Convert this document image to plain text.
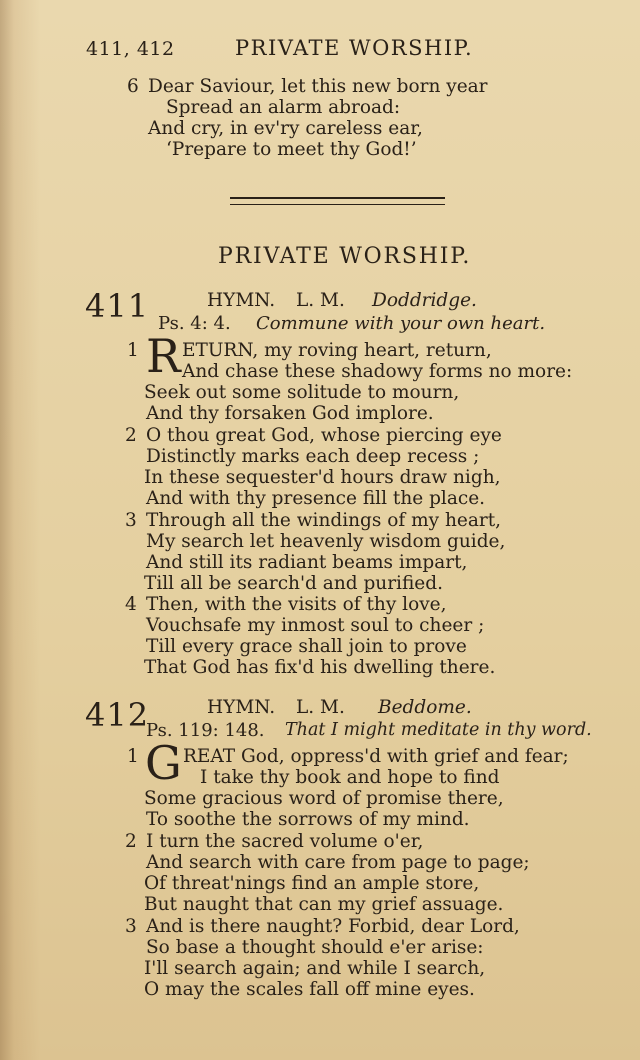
411, 412	PRIVATE WORSHIP.
6 Dear Saviour, let this new born year
Spread an alarm abroad:
And cry, in ev'ry careless ear,
‘Prepare to meet thy God!’
PRIVATE WORSHIP.
411	HYMN. L. M. Doddridge.
Ps. 4: 4. Commune with your own heart.
1 R ETURN, my roving heart, return,
And chase these shadowy forms no more:
Seek out some solitude to mourn,
And thy forsaken God implore.
2 O thou great God, whose piercing eye
Distinctly marks each deep recess ;
In these sequester'd hours draw nigh,
And with thy presence fill the place.
3 Through all the windings of my heart,
My search let heavenly wisdom guide,
And still its radiant beams impart,
Till all be search'd and purified.
4 Then, with the visits of thy love,
Vouchsafe my inmost soul to cheer ;
Till every grace shall join to prove
That God has fix'd his dwelling there.
412	HYMN. L. M. Beddome.
Ps. 119: 148. That I might meditate in thy word.
1 G REAT God, oppress'd with grief and fear;
I take thy book and hope to find
Some gracious word of promise there,
To soothe the sorrows of my mind.
2 I turn the sacred volume o'er,
And search with care from page to page;
Of threat'nings find an ample store,
But naught that can my grief assuage.
3 And is there naught? Forbid, dear Lord,
So base a thought should e'er arise:
I'll search again; and while I search,
O may the scales fall off mine eyes.
